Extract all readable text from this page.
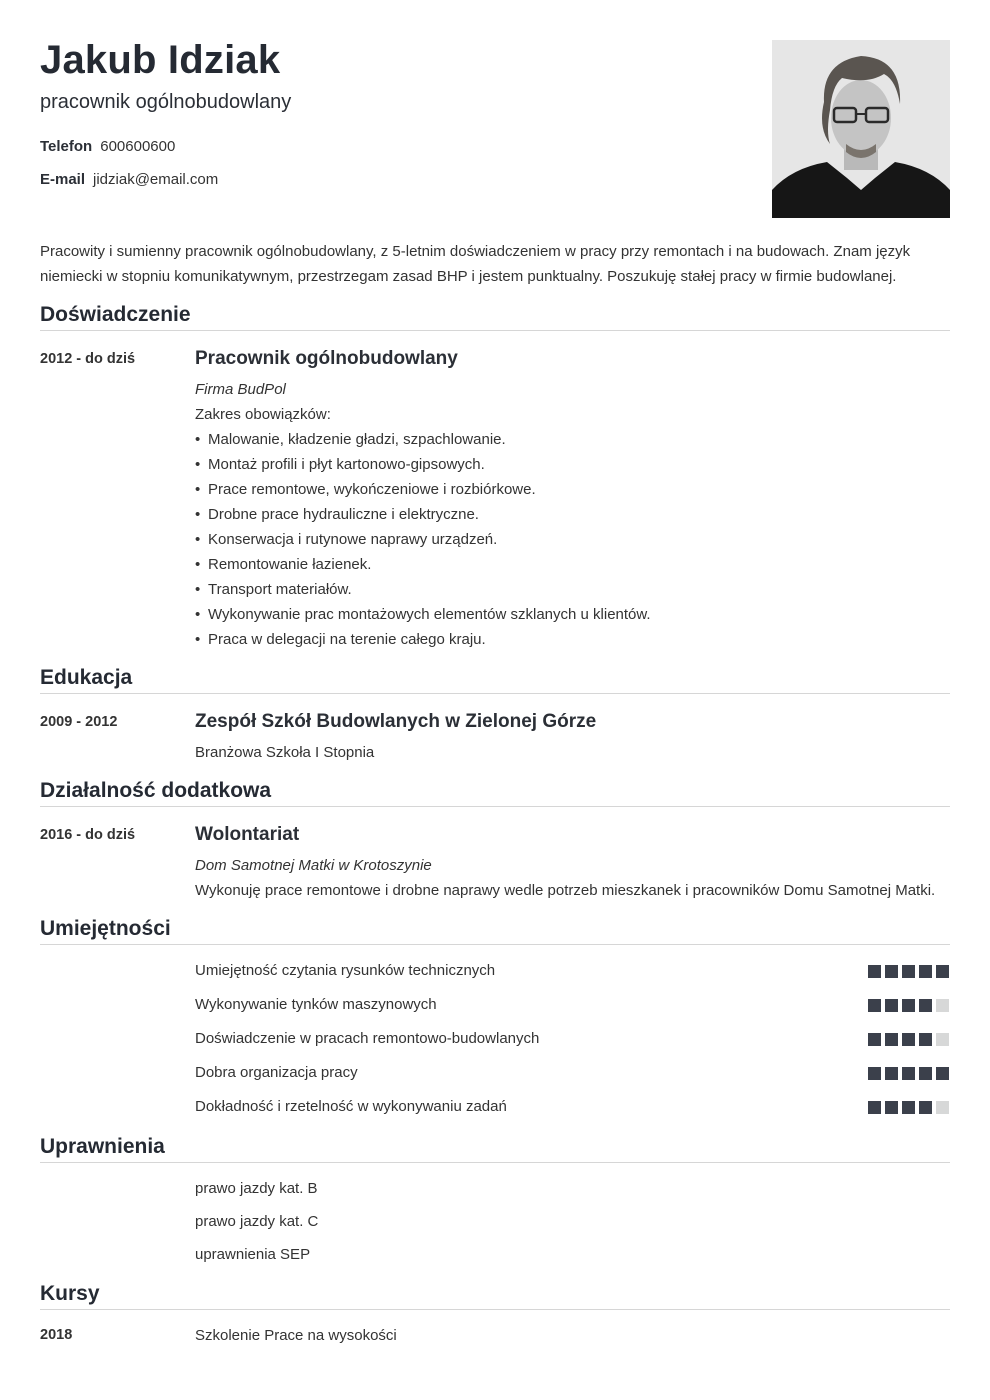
Jakub Idziak
pracownik ogólnobudowlany
Telefon 600600600
E-mail jidziak@email.com
Pracowity i sumienny pracownik ogólnobudowlany, z 5-letnim doświadczeniem w pracy przy remontach i na budowach. Znam język niemiecki w stopniu komunikatywnym, przestrzegam zasad BHP i jestem punktualny. Poszukuję stałej pracy w firmie budowlanej.
Doświadczenie
2012 - do dziś	Pracownik ogólnobudowlany
Firma BudPol
Zakres obowiązków:
• Malowanie, kładzenie gładzi, szpachlowanie.
• Montaż profili i płyt kartonowo-gipsowych.
• Prace remontowe, wykończeniowe i rozbiórkowe.
• Drobne prace hydrauliczne i elektryczne.
• Konserwacja i rutynowe naprawy urządzeń.
• Remontowanie łazienek.
• Transport materiałów.
• Wykonywanie prac montażowych elementów szklanych u klientów.
• Praca w delegacji na terenie całego kraju.
Edukacja
2009 - 2012	Zespół Szkół Budowlanych w Zielonej Górze
Branżowa Szkoła I Stopnia
Działalność dodatkowa
2016 - do dziś	Wolontariat
Dom Samotnej Matki w Krotoszynie
Wykonuję prace remontowe i drobne naprawy wedle potrzeb mieszkanek i pracowników Domu Samotnej Matki.
Umiejętności
Umiejętność czytania rysunków technicznych
Wykonywanie tynków maszynowych
Doświadczenie w pracach remontowo-budowlanych
Dobra organizacja pracy
Dokładność i rzetelność w wykonywaniu zadań
Uprawnienia
prawo jazdy kat. B
prawo jazdy kat. C
uprawnienia SEP
Kursy
2018	Szkolenie Prace na wysokości
